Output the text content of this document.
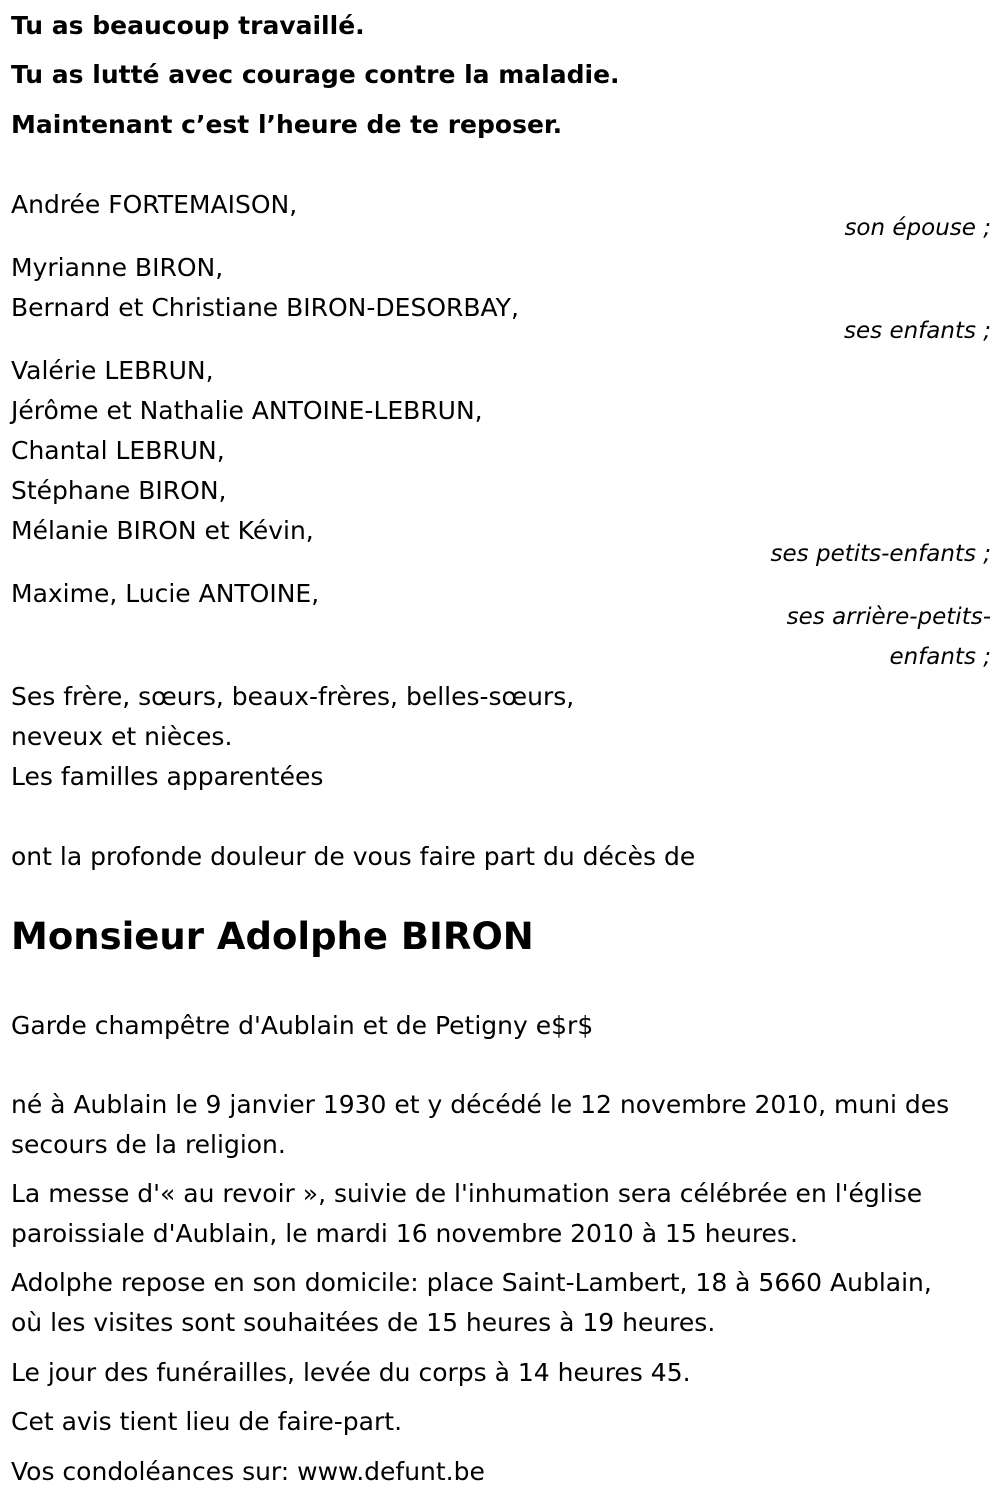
Tu as beaucoup travaillé.
Tu as lutté avec courage contre la maladie.
Maintenant c’est l’heure de te reposer.
Andrée FORTEMAISON,
son épouse ;
Myrianne BIRON,
Bernard et Christiane BIRON-DESORBAY,
ses enfants ;
Valérie LEBRUN,
Jérôme et Nathalie ANTOINE-LEBRUN,
Chantal LEBRUN,
Stéphane BIRON,
Mélanie BIRON et Kévin,
ses petits-enfants ;
Maxime, Lucie ANTOINE,
ses arrière-petits-
enfants ;
Ses frère, sœurs, beaux-frères, belles-sœurs,
neveux et nièces.
Les familles apparentées
ont la profonde douleur de vous faire part du décès de
Monsieur Adolphe BIRON
Garde champêtre d'Aublain et de Petigny e$r$
né à Aublain le 9 janvier 1930 et y décédé le 12 novembre 2010, muni des
secours de la religion.
La messe d'« au revoir », suivie de l'inhumation sera célébrée en l'église
paroissiale d'Aublain, le mardi 16 novembre 2010 à 15 heures.
Adolphe repose en son domicile: place Saint-Lambert, 18 à 5660 Aublain,
où les visites sont souhaitées de 15 heures à 19 heures.
Le jour des funérailles, levée du corps à 14 heures 45.
Cet avis tient lieu de faire-part.
Vos condoléances sur: www.defunt.be
